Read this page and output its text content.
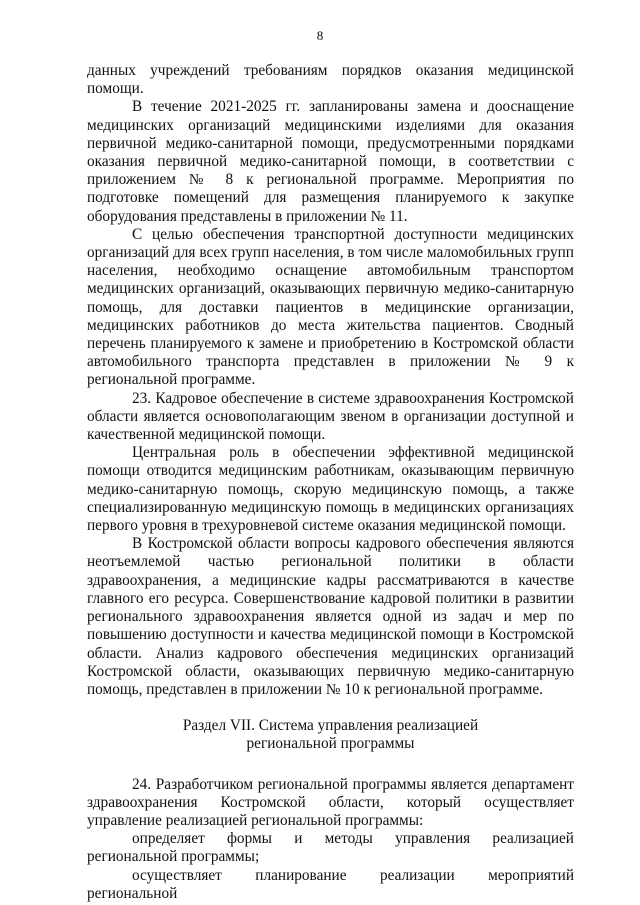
8

данных учреждений требованиям порядков оказания медицинской помощи.

В течение 2021-2025 гг. запланированы замена и дооснащение медицинских организаций медицинскими изделиями для оказания первичной медико-санитарной помощи, предусмотренными порядками оказания первичной медико-санитарной помощи, в соответствии с приложением № 8 к региональной программе. Мероприятия по подготовке помещений для размещения планируемого к закупке оборудования представлены в приложении № 11.

С целью обеспечения транспортной доступности медицинских организаций для всех групп населения, в том числе маломобильных групп населения, необходимо оснащение автомобильным транспортом медицинских организаций, оказывающих первичную медико-санитарную помощь, для доставки пациентов в медицинские организации, медицинских работников до места жительства пациентов. Сводный перечень планируемого к замене и приобретению в Костромской области автомобильного транспорта представлен в приложении № 9 к региональной программе.

23. Кадровое обеспечение в системе здравоохранения Костромской области является основополагающим звеном в организации доступной и качественной медицинской помощи.

Центральная роль в обеспечении эффективной медицинской помощи отводится медицинским работникам, оказывающим первичную медико-санитарную помощь, скорую медицинскую помощь, а также специализированную медицинскую помощь в медицинских организациях первого уровня в трехуровневой системе оказания медицинской помощи.

В Костромской области вопросы кадрового обеспечения являются неотъемлемой частью региональной политики в области здравоохранения, а медицинские кадры рассматриваются в качестве главного его ресурса. Совершенствование кадровой политики в развитии регионального здравоохранения является одной из задач и мер по повышению доступности и качества медицинской помощи в Костромской области. Анализ кадрового обеспечения медицинских организаций Костромской области, оказывающих первичную медико-санитарную помощь, представлен в приложении № 10 к региональной программе.

Раздел VII. Система управления реализацией
региональной программы

24. Разработчиком региональной программы является департамент здравоохранения Костромской области, который осуществляет управление реализацией региональной программы:

определяет формы и методы управления реализацией региональной программы;

осуществляет планирование реализации мероприятий региональной
